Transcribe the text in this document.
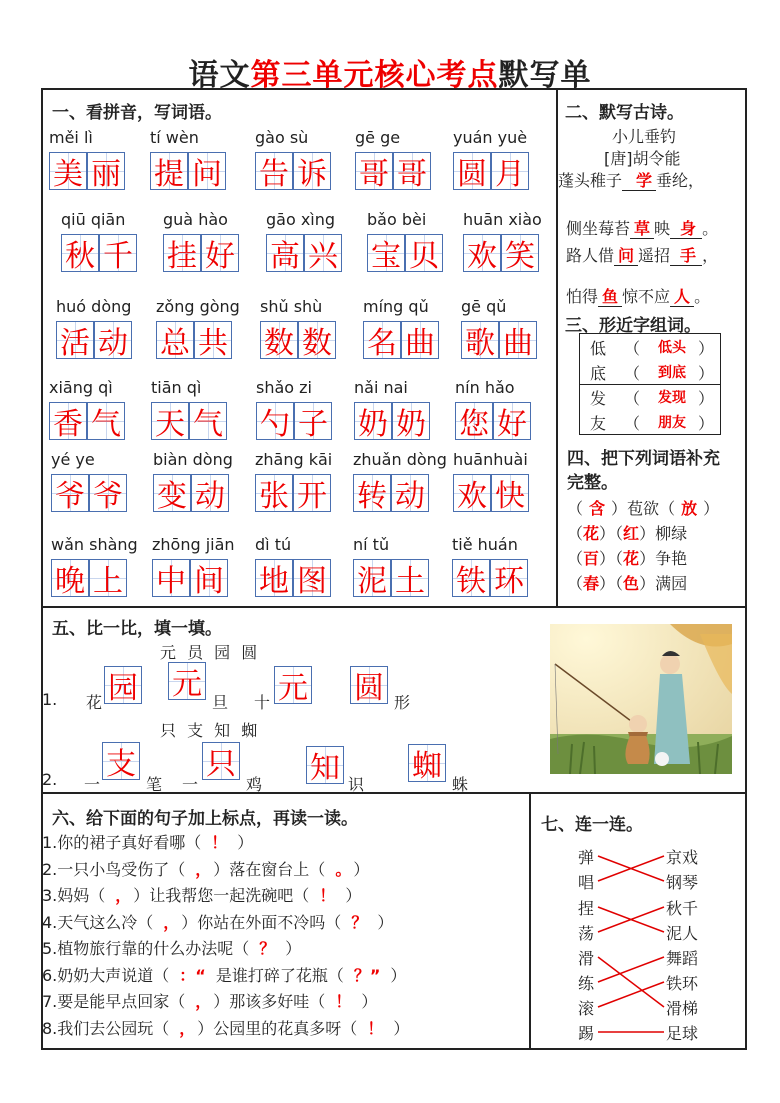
语文第三单元核心考点默写单
一、看拼音，写词语。
měi lì
美 丽
tí wèn
提 问
gào sù
告 诉
gē ge
哥 哥
yuán yuè
圆 月
qiū qiān
秋 千
guà hào
挂 好
gāo xìng
高 兴
bǎo bèi
宝 贝
huān xiào
欢 笑
huó dòng
活 动
zǒng gòng
总 共
shǔ shù
数 数
míng qǔ
名 曲
gē qǔ
歌 曲
xiāng qì
香 气
tiān qì
天 气
shǎo zi
勺 子
nǎi nai
奶 奶
nín hǎo
您 好
yé ye
爷 爷
biàn dòng
变 动
zhāng kāi
张 开
zhuǎn dòng
转 动
huānhuài
欢 快
wǎn shàng
晚 上
zhōng jiān
中 间
dì tú
地 图
ní tǔ
泥 土
tiě huán
铁 环
二、默写古诗。
小儿垂钓
[唐]胡令能
蓬头稚子 学 垂纶，
侧坐莓苔 草 映 身 。
路人借 问 遥招 手 ，
怕得 鱼 惊不应 人 。
三、形近字组词。
低 （ 低头 ）
底 （ 到底 ）
发 （ 发现 ）
友 （ 朋友 ）
四、把下列词语补充
完整。
（ 含 ）苞欲（ 放 ）
（花）（红）柳绿
（百）（花）争艳
（春）（色）满园
五、比一比，填一填。
元 员 园 圆
1. 花 园 元
旦 十 元 圆 形
只 支 知 蜘
2. 一
支
笔 一
只
鸡 知 识
蜘
蛛
六、给下面的句子加上标点，再读一读。
1.你的裙子真好看哪（ ！ ）
2.一只小鸟受伤了（ ， ）落在窗台上（ 。 ）
3.妈妈（ ， ）让我帮您一起洗碗吧（ ！ ）
4.天气这么冷（ ， ）你站在外面不冷吗（ ？ ）
5.植物旅行靠的什么办法呢（ ？ ）
6.奶奶大声说道（ ：“ 是谁打碎了花瓶（ ？” ）
7.要是能早点回家（ ， ）那该多好哇（ ！ ）
8.我们去公园玩（ ， ）公园里的花真多呀（ ！ ）
七、连一连。
弹
唱
捏
荡
滑
练
滚
踢
京戏
钢琴
秋千
泥人
舞蹈
铁环
滑梯
足球
